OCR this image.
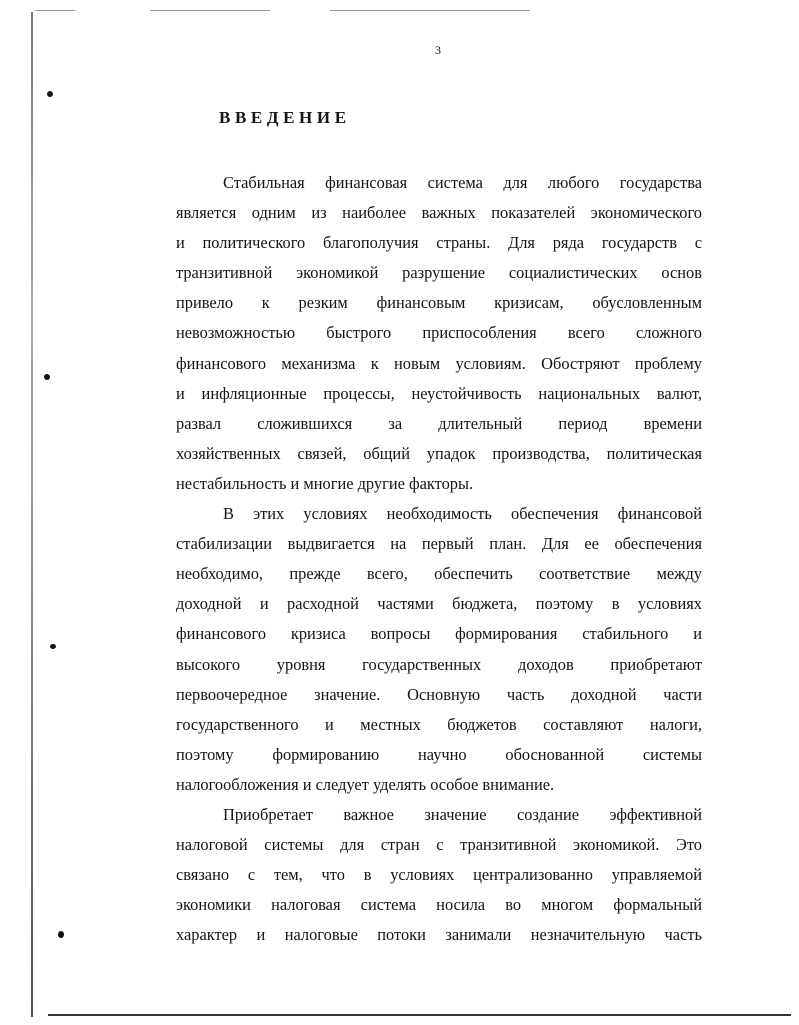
3
ВВЕДЕНИЕ
Стабильная финансовая система для любого государства
является одним из наиболее важных показателей экономического
и политического благополучия страны. Для ряда государств с
транзитивной экономикой разрушение социалистических основ
привело к резким финансовым кризисам, обусловленным
невозможностью быстрого приспособления всего сложного
финансового механизма к новым условиям. Обостряют проблему
и инфляционные процессы, неустойчивость национальных валют,
развал сложившихся за длительный период времени
хозяйственных связей, общий упадок производства, политическая
нестабильность и многие другие факторы.
В этих условиях необходимость обеспечения финансовой
стабилизации выдвигается на первый план. Для ее обеспечения
необходимо, прежде всего, обеспечить соответствие между
доходной и расходной частями бюджета, поэтому в условиях
финансового кризиса вопросы формирования стабильного и
высокого уровня государственных доходов приобретают
первоочередное значение. Основную часть доходной части
государственного и местных бюджетов составляют налоги,
поэтому формированию научно обоснованной системы
налогообложения и следует уделять особое внимание.
Приобретает важное значение создание эффективной
налоговой системы для стран с транзитивной экономикой. Это
связано с тем, что в условиях централизованно управляемой
экономики налоговая система носила во многом формальный
характер и налоговые потоки занимали незначительную часть
